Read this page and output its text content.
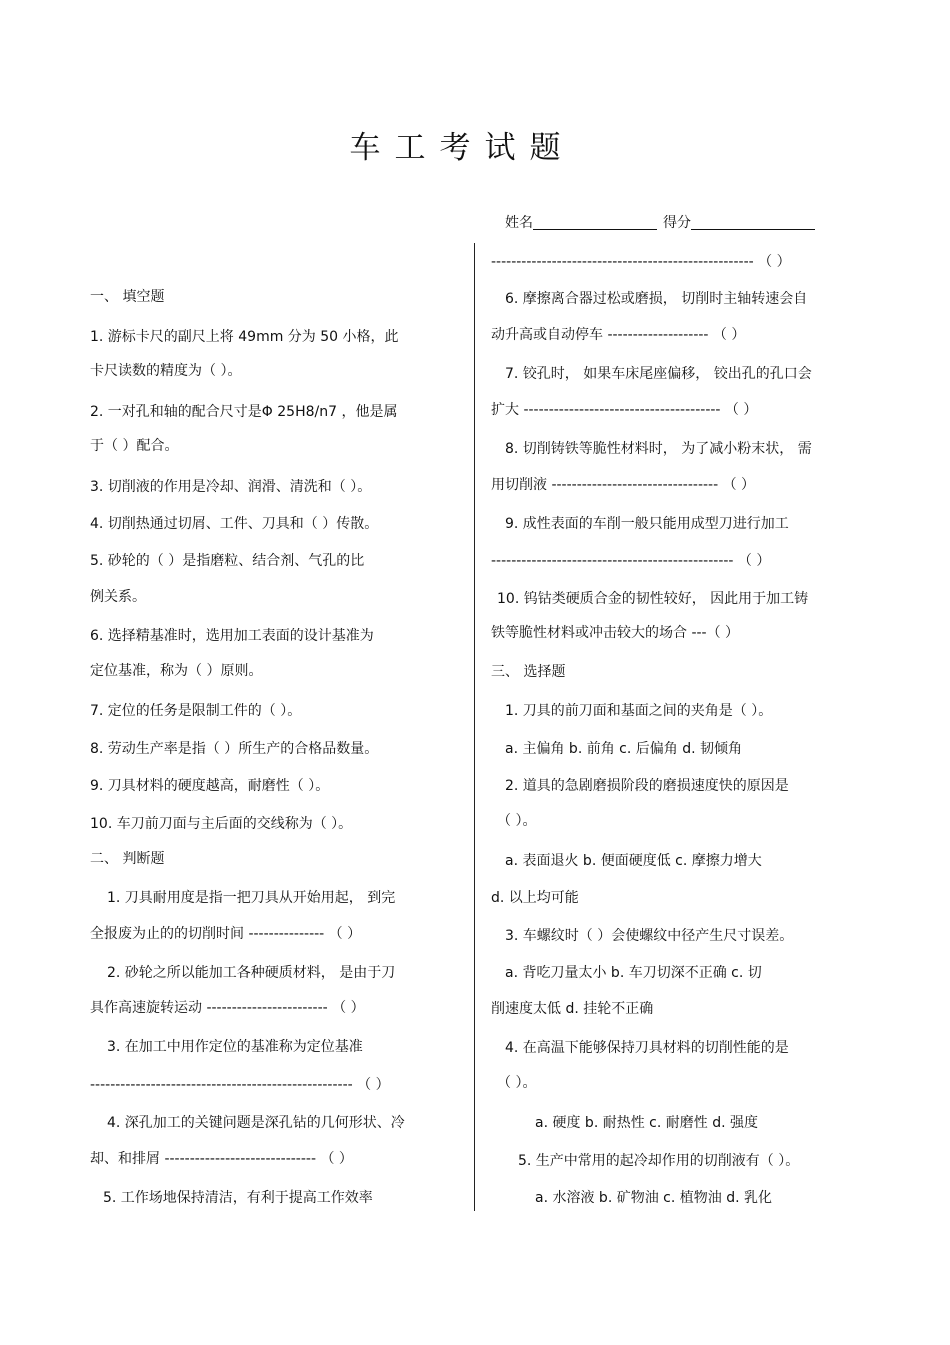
车工考试题
姓名	得分
一、 填空题
1. 游标卡尺的副尺上将 49mm 分为 50 小格，此
卡尺读数的精度为（ ）。
2. 一对孔和轴的配合尺寸是Φ 25H8/n7 ，他是属
于（ ）配合。
3. 切削液的作用是冷却、润滑、清洗和（ ）。
4. 切削热通过切屑、工件、刀具和（ ）传散。
5. 砂轮的（ ）是指磨粒、结合剂、气孔的比
例关系。
6. 选择精基准时，选用加工表面的设计基准为
定位基准，称为（ ）原则。
7. 定位的任务是限制工件的（ ）。
8. 劳动生产率是指（ ）所生产的合格品数量。
9. 刀具材料的硬度越高，耐磨性（ ）。
10. 车刀前刀面与主后面的交线称为（ ）。
二、 判断题
1. 刀具耐用度是指一把刀具从开始用起， 到完
全报废为止的的切削时间 --------------- （ ）
2. 砂轮之所以能加工各种硬质材料， 是由于刀
具作高速旋转运动 ------------------------ （ ）
3. 在加工中用作定位的基准称为定位基准
---------------------------------------------------- （ ）
4. 深孔加工的关键问题是深孔钻的几何形状、冷
却、和排屑 ------------------------------ （ ）
5. 工作场地保持清洁，有利于提高工作效率
---------------------------------------------------- （ ）
6. 摩擦离合器过松或磨损， 切削时主轴转速会自
动升高或自动停车 -------------------- （ ）
7. 铰孔时， 如果车床尾座偏移， 铰出孔的孔口会
扩大 --------------------------------------- （ ）
8. 切削铸铁等脆性材料时， 为了减小粉末状， 需
用切削液 --------------------------------- （ ）
9. 成性表面的车削一般只能用成型刀进行加工
------------------------------------------------ （ ）
10. 钨钴类硬质合金的韧性较好， 因此用于加工铸
铁等脆性材料或冲击较大的场合 ---（ ）
三、 选择题
1. 刀具的前刀面和基面之间的夹角是（ ）。
a. 主偏角 b. 前角 c. 后偏角 d. 韧倾角
2. 道具的急剧磨损阶段的磨损速度快的原因是
（ ）。
a. 表面退火 b. 便面硬度低 c. 摩擦力增大
d. 以上均可能
3. 车螺纹时（ ）会使螺纹中径产生尺寸误差。
a. 背吃刀量太小 b. 车刀切深不正确 c. 切
削速度太低 d. 挂轮不正确
4. 在高温下能够保持刀具材料的切削性能的是
（ ）。
a. 硬度 b. 耐热性 c. 耐磨性 d. 强度
5. 生产中常用的起冷却作用的切削液有（ ）。
a. 水溶液 b. 矿物油 c. 植物油 d. 乳化
